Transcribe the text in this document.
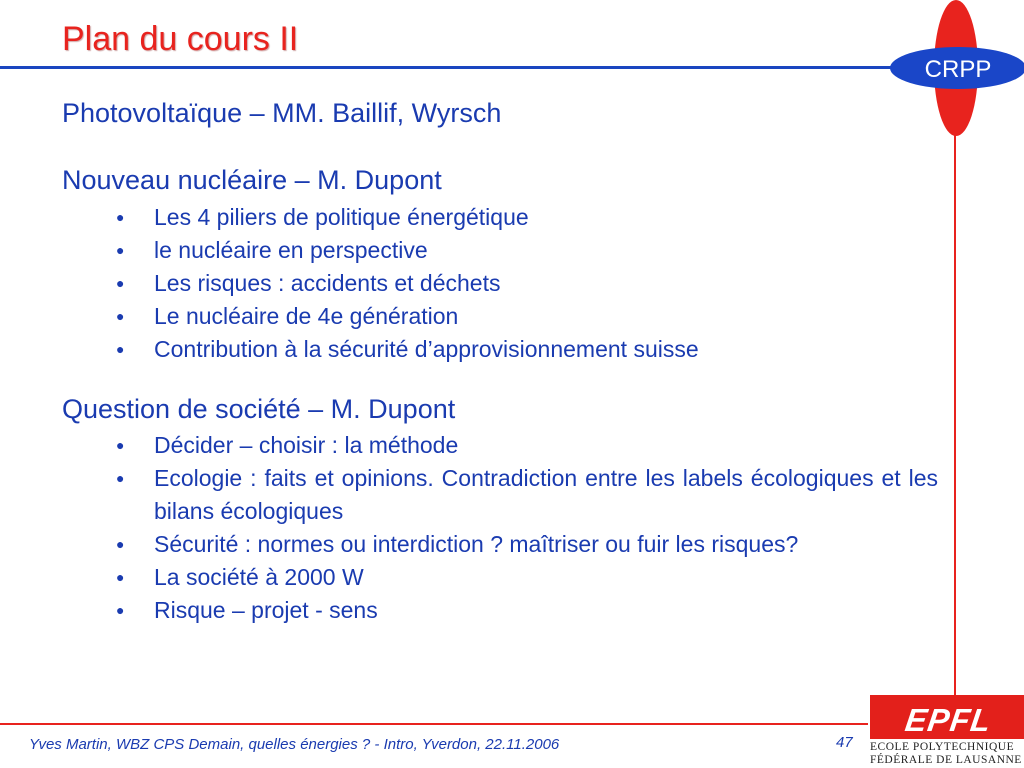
Plan du cours II
CRPP
Photovoltaïque – MM. Baillif, Wyrsch
Nouveau nucléaire – M. Dupont
●	Les 4 piliers de politique énergétique
●	le nucléaire en perspective
●	Les risques : accidents et déchets
●	Le nucléaire de 4e génération
●	Contribution à la sécurité d’approvisionnement suisse
Question de société – M. Dupont
●	Décider – choisir : la méthode
●	Ecologie : faits et opinions. Contradiction entre les labels écologiques et les bilans écologiques
●	Sécurité : normes ou interdiction ? maîtriser ou fuir les risques?
●	La société à 2000 W
●	Risque – projet - sens
Yves Martin, WBZ CPS Demain, quelles énergies ? - Intro, Yverdon, 22.11.2006	47
EPFL
ECOLE POLYTECHNIQUE
FÉDÉRALE DE LAUSANNE
